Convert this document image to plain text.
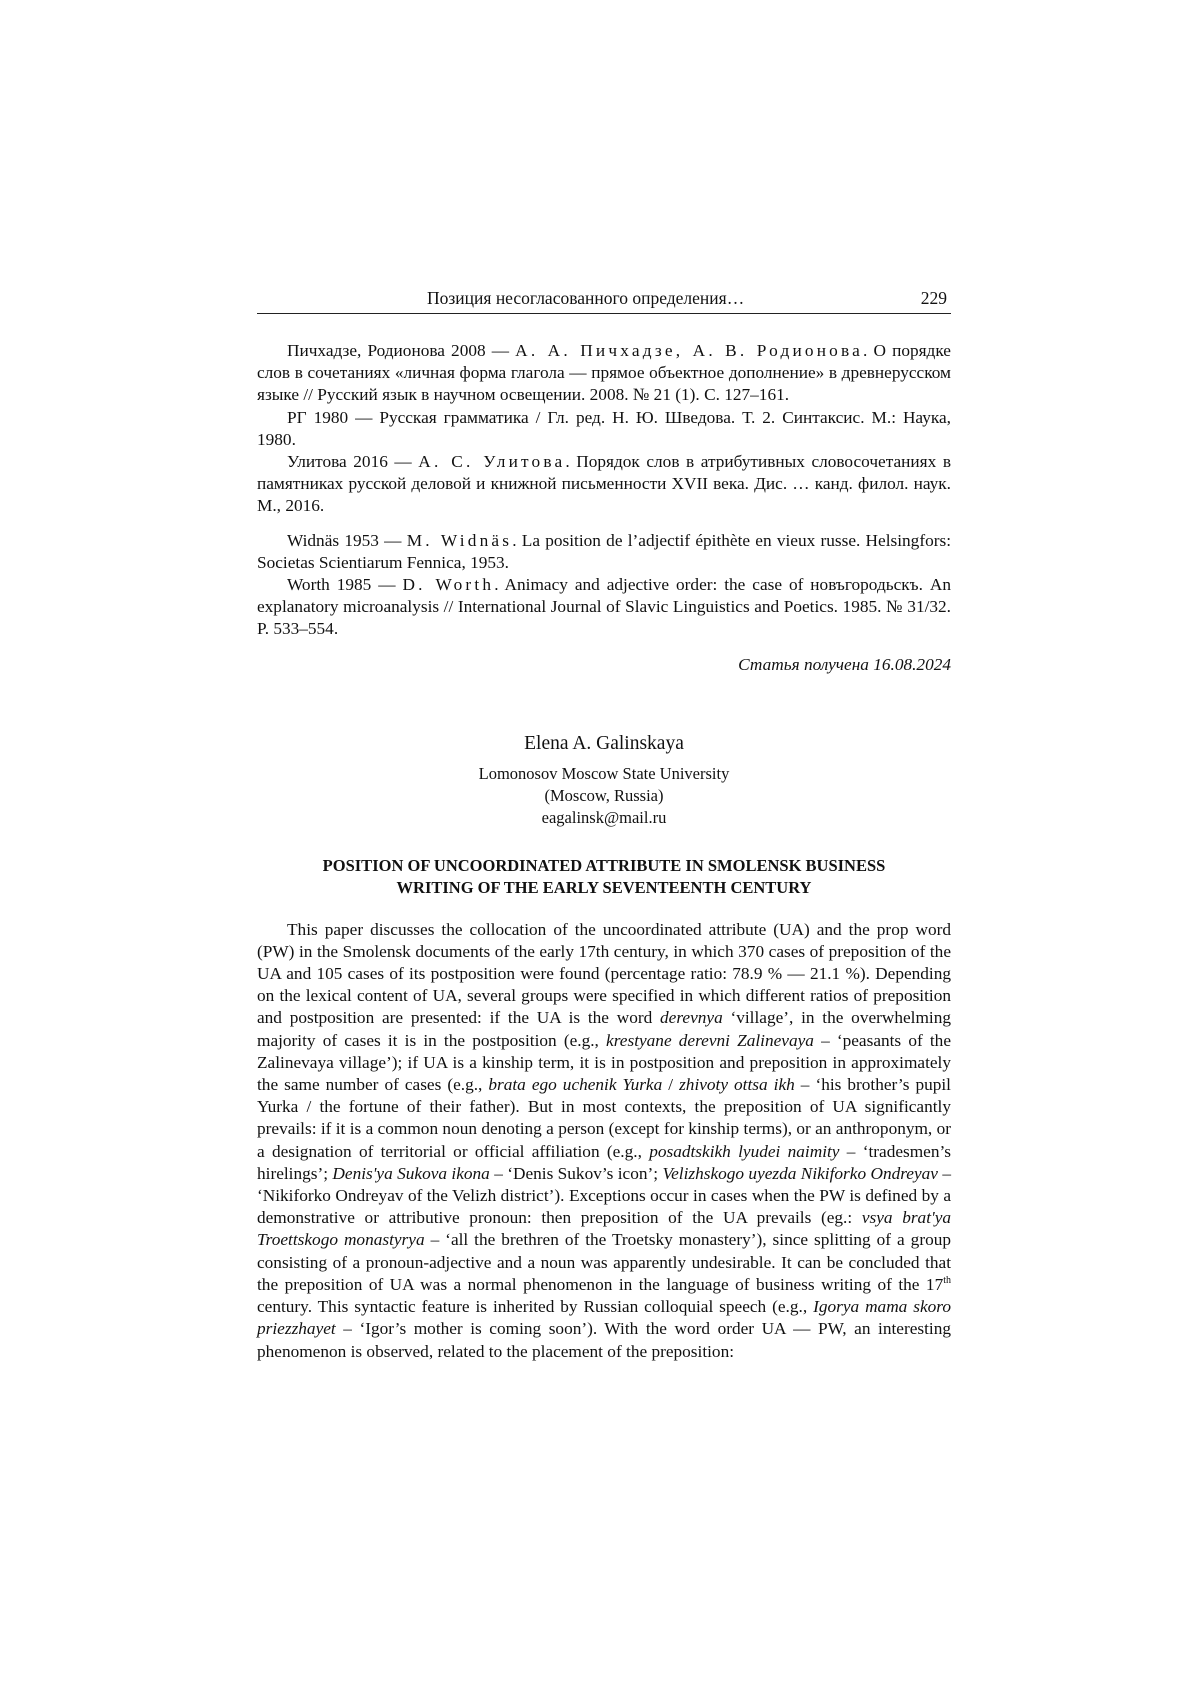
Позиция несогласованного определения…	229

Пичхадзе, Родионова 2008 — А. А. Пичхадзе, А. В. Родионова. О порядке слов в сочетаниях «личная форма глагола — прямое объектное дополнение» в древнерусском языке // Русский язык в научном освещении. 2008. № 21 (1). С. 127–161.

РГ 1980 — Русская грамматика / Гл. ред. Н. Ю. Шведова. Т. 2. Синтаксис. М.: Наука, 1980.

Улитова 2016 — А. С. Улитова. Порядок слов в атрибутивных словосочетаниях в памятниках русской деловой и книжной письменности XVII века. Дис. … канд. филол. наук. М., 2016.

Widnäs 1953 — M. Widnäs. La position de l’adjectif épithète en vieux russe. Helsingfors: Societas Scientiarum Fennica, 1953.

Worth 1985 — D. Worth. Animacy and adjective order: the case of новъгородьскъ. An explanatory microanalysis // International Journal of Slavic Linguistics and Poetics. 1985. № 31/32. P. 533–554.

Статья получена 16.08.2024
Elena A. Galinskaya
Lomonosov Moscow State University
(Moscow, Russia)
eagalinsk@mail.ru
POSITION OF UNCOORDINATED ATTRIBUTE IN SMOLENSK BUSINESS
WRITING OF THE EARLY SEVENTEENTH CENTURY

This paper discusses the collocation of the uncoordinated attribute (UA) and the prop word (PW) in the Smolensk documents of the early 17th century, in which 370 cases of preposition of the UA and 105 cases of its postposition were found (percentage ratio: 78.9 % — 21.1 %). Depending on the lexical content of UA, several groups were specified in which different ratios of preposition and postposition are presented: if the UA is the word derevnya ‘village’, in the overwhelming majority of cases it is in the postposition (e.g., krestyane derevni Zalinevaya – ‘peasants of the Zalinevaya village’); if UA is a kinship term, it is in postposition and preposition in approximately the same number of cases (e.g., brata ego uchenik Yurka / zhivoty ottsa ikh – ‘his brother’s pupil Yurka / the fortune of their father). But in most contexts, the preposition of UA significantly prevails: if it is a common noun denoting a person (except for kinship terms), or an anthroponym, or a designation of territorial or official affiliation (e.g., posadtskikh lyudei naimity – ‘tradesmen’s hirelings’; Denis'ya Sukova ikona – ‘Denis Sukov’s icon’; Velizhskogo uyezda Nikiforko Ondreyav – ‘Nikiforko Ondreyav of the Velizh district’). Exceptions occur in cases when the PW is defined by a demonstrative or attributive pronoun: then preposition of the UA prevails (eg.: vsya brat'ya Troettskogo monastyrya – ‘all the brethren of the Troetsky monastery’), since splitting of a group consisting of a pronoun-adjective and a noun was apparently undesirable. It can be concluded that the preposition of UA was a normal phenomenon in the language of business writing of the 17th century. This syntactic feature is inherited by Russian colloquial speech (e.g., Igorya mama skoro priezzhayet – ‘Igor’s mother is coming soon’). With the word order UA — PW, an interesting phenomenon is observed, related to the placement of the preposition:
